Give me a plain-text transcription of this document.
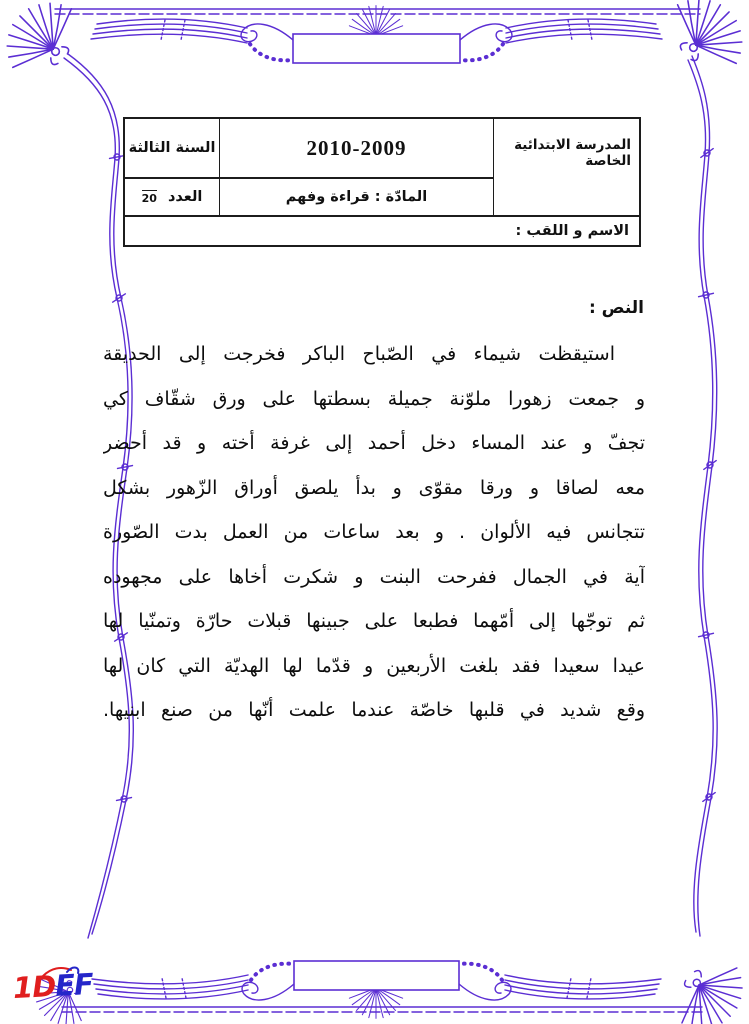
المدرسة الابتدائية الخاصة
2010-2009
السنة الثالثة
المادّة : قراءة وفهم
العدد
20
الاسم و اللقب :
النص :
استيقظت شيماء في الصّباح الباكر فخرجت إلى الحديقة
و جمعت زهورا ملوّنة جميلة بسطتها على ورق شقّاف كي
تجفّ و عند المساء دخل أحمد إلى غرفة أخته و قد أحضر
معه لصاقا و ورقا مقوّى و بدأ يلصق أوراق الزّهور بشكل
تتجانس فيه الألوان . و بعد ساعات من العمل بدت الصّورة
آية في الجمال ففرحت البنت و شكرت أخاها على مجهوده
ثم توجّها إلى أمّهما فطبعا على جبينها قبلات حارّة وتمنّيا لها
عيدا سعيدا فقد بلغت الأربعين و قدّما لها الهديّة التي كان لها
وقع شديد في قلبها خاصّة عندما علمت أنّها من صنع ابنيها.
1DEF
